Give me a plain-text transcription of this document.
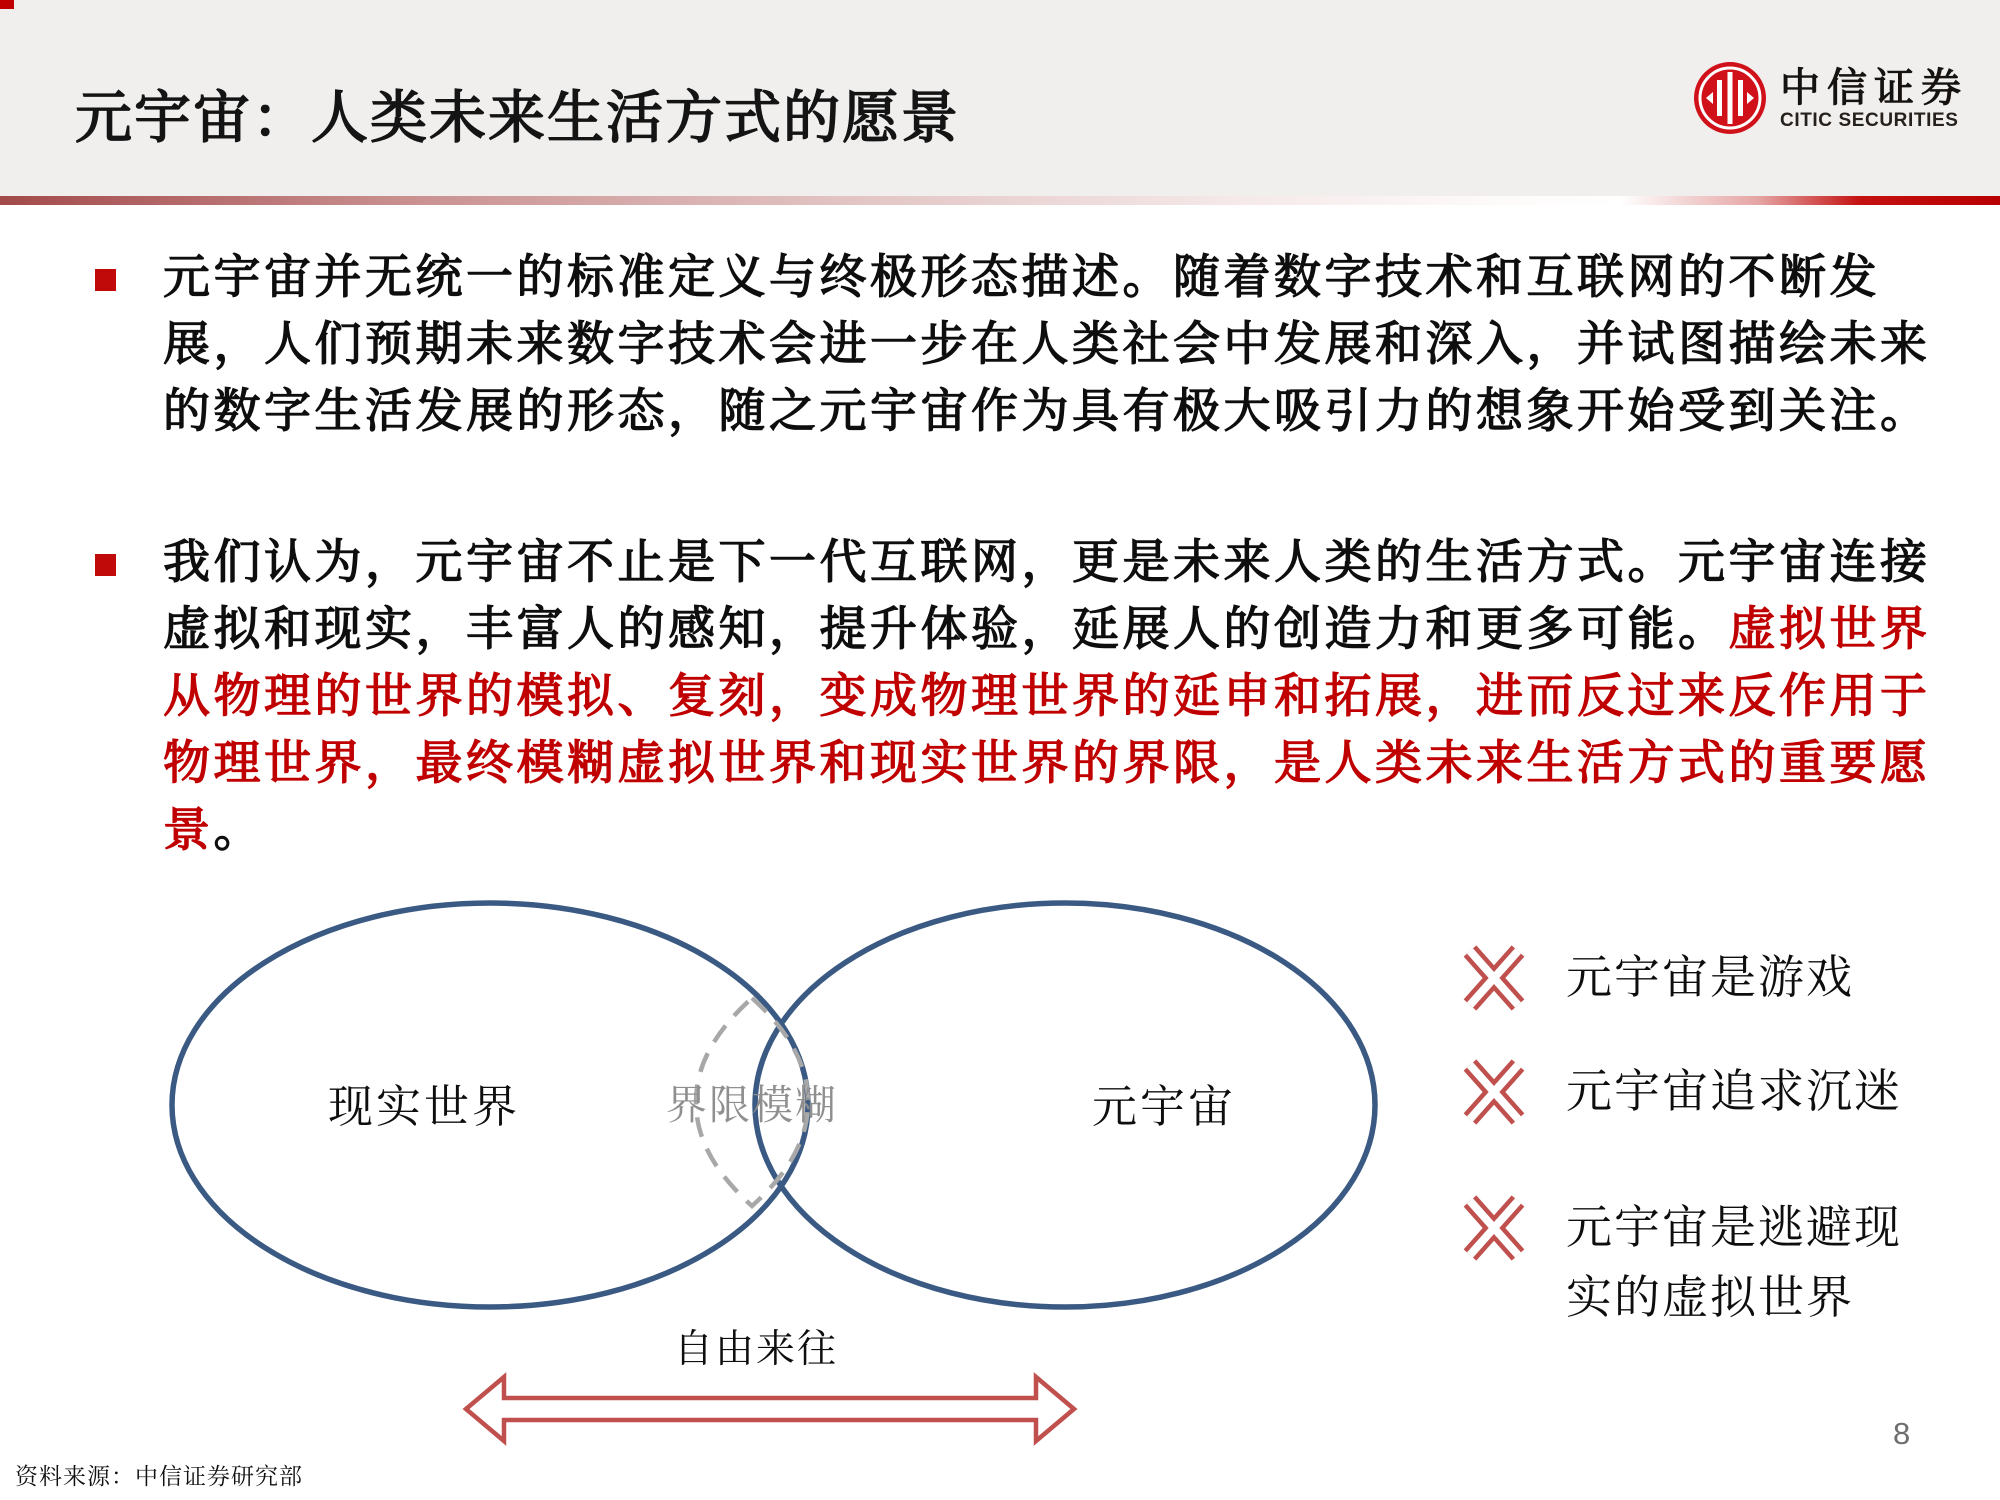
元宇宙：人类未来生活方式的愿景	中信证券
CITIC SECURITIES
元宇宙并无统一的标准定义与终极形态描述。随着数字技术和互联网的不断发展，人们预期未来数字技术会进一步在人类社会中发展和深入，并试图描绘未来的数字生活发展的形态，随之元宇宙作为具有极大吸引力的想象开始受到关注。
我们认为，元宇宙不止是下一代互联网，更是未来人类的生活方式。元宇宙连接虚拟和现实，丰富人的感知，提升体验，延展人的创造力和更多可能。虚拟世界从物理的世界的模拟、复刻，变成物理世界的延申和拓展，进而反过来反作用于物理世界，最终模糊虚拟世界和现实世界的界限，是人类未来生活方式的重要愿景。
现实世界	界限模糊	元宇宙
自由来往
元宇宙是游戏
元宇宙追求沉迷
元宇宙是逃避现实的虚拟世界
资料来源：中信证券研究部
8
